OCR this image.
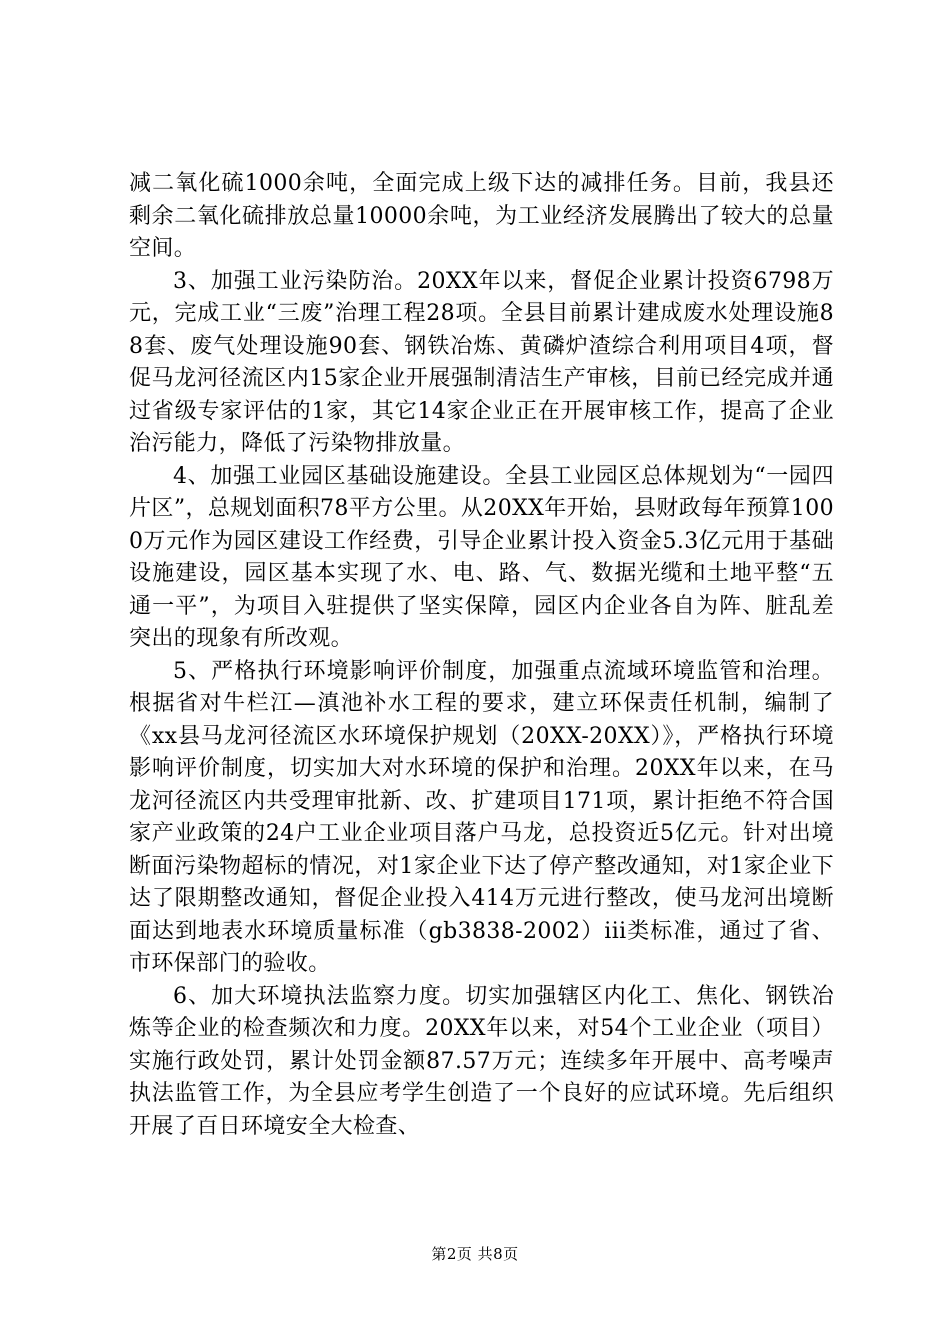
减二氧化硫1000余吨，全面完成上级下达的减排任务。目前，我县还剩余二氧化硫排放总量10000余吨，为工业经济发展腾出了较大的总量空间。

3、加强工业污染防治。20XX年以来，督促企业累计投资6798万元，完成工业“三废”治理工程28项。全县目前累计建成废水处理设施88套、废气处理设施90套、钢铁冶炼、黄磷炉渣综合利用项目4项，督促马龙河径流区内15家企业开展强制清洁生产审核，目前已经完成并通过省级专家评估的1家，其它14家企业正在开展审核工作，提高了企业治污能力，降低了污染物排放量。

4、加强工业园区基础设施建设。全县工业园区总体规划为“一园四片区”，总规划面积78平方公里。从20XX年开始，县财政每年预算1000万元作为园区建设工作经费，引导企业累计投入资金5.3亿元用于基础设施建设，园区基本实现了水、电、路、气、数据光缆和土地平整“五通一平”，为项目入驻提供了坚实保障，园区内企业各自为阵、脏乱差突出的现象有所改观。

5、严格执行环境影响评价制度，加强重点流域环境监管和治理。根据省对牛栏江—滇池补水工程的要求，建立环保责任机制，编制了《xx县马龙河径流区水环境保护规划（20XX-20XX）》，严格执行环境影响评价制度，切实加大对水环境的保护和治理。20XX年以来，在马龙河径流区内共受理审批新、改、扩建项目171项，累计拒绝不符合国家产业政策的24户工业企业项目落户马龙，总投资近5亿元。针对出境断面污染物超标的情况，对1家企业下达了停产整改通知，对1家企业下达了限期整改通知，督促企业投入414万元进行整改，使马龙河出境断面达到地表水环境质量标准（gb3838-2002）iii类标准，通过了省、市环保部门的验收。

6、加大环境执法监察力度。切实加强辖区内化工、焦化、钢铁冶炼等企业的检查频次和力度。20XX年以来，对54个工业企业（项目）实施行政处罚，累计处罚金额87.57万元；连续多年开展中、高考噪声执法监管工作，为全县应考学生创造了一个良好的应试环境。先后组织开展了百日环境安全大检查、

第2页 共8页
